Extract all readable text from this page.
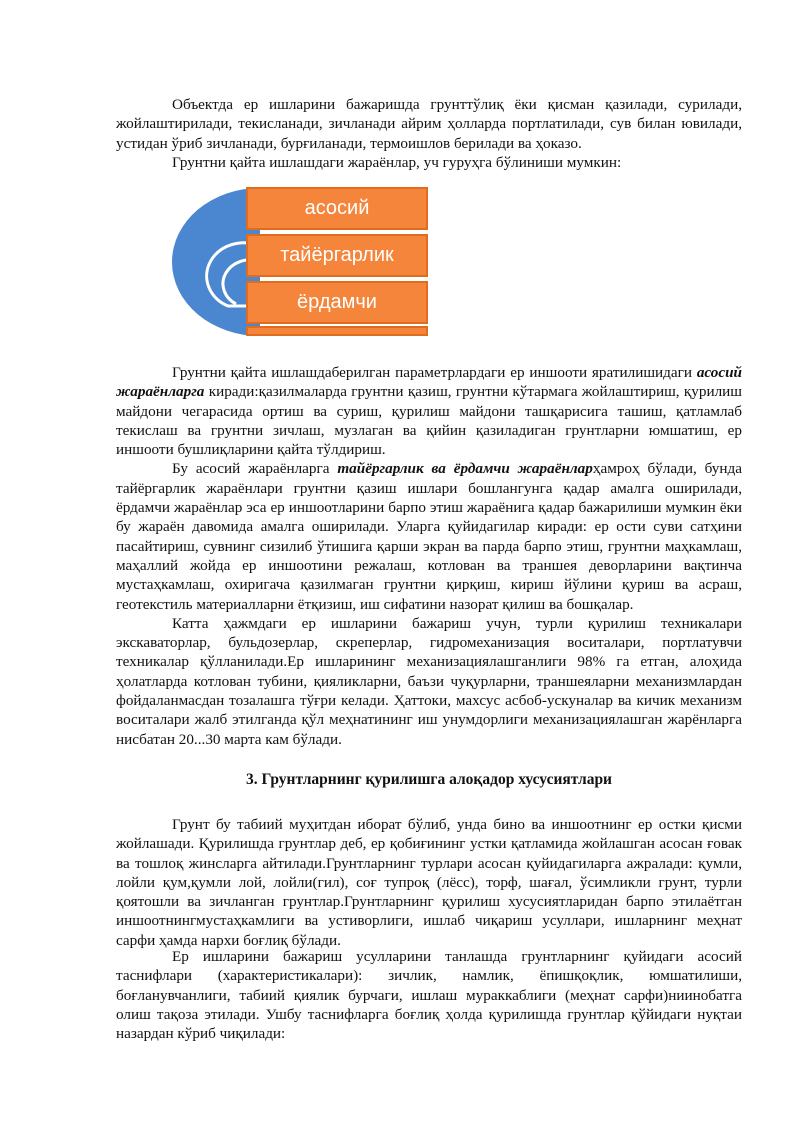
Объектда ер ишларини бажаришда грунттўлиқ ёки қисман қазилади, сурилади, жойлаштирилади, текисланади, зичланади айрим ҳолларда портлатилади, сув билан ювилади, устидан ўриб зичланади, бурғиланади, термоишлов берилади ва ҳоказо.

Грунтни қайта ишлашдаги жараёнлар, уч гуруҳга бўлиниши мумкин:

асосий
тайёргарлик
ёрдамчи

Грунтни қайта ишлашдаберилган параметрлардаги ер иншооти яратилишидаги асосий жараёнларга киради:қазилмаларда грунтни қазиш, грунтни кўтармага жойлаштириш, қурилиш майдони чегарасида ортиш ва суриш, қурилиш майдони ташқарисига ташиш, қатламлаб текислаш ва грунтни зичлаш, музлаган ва қийин қазиладиган грунтларни юмшатиш, ер иншооти бушлиқларини қайта тўлдириш.

Бу асосий жараёнларга тайёргарлик ва ёрдамчи жараёнларҳамроҳ бўлади, бунда тайёргарлик жараёнлари грунтни қазиш ишлари бошлангунга қадар амалга оширилади, ёрдамчи жараёнлар эса ер иншоотларини барпо этиш жараёнига қадар бажарилиши мумкин ёки бу жараён давомида амалга оширилади. Уларга қуйидагилар киради: ер ости суви сатҳини пасайтириш, сувнинг сизилиб ўтишига қарши экран ва парда барпо этиш, грунтни маҳкамлаш, маҳаллий жойда ер иншоотини режалаш, котлован ва траншея деворларини вақтинча мустаҳкамлаш, охиригача қазилмаган грунтни қирқиш, кириш йўлини қуриш ва асраш, геотекстиль материалларни ётқизиш, иш сифатини назорат қилиш ва бошқалар.

Катта ҳажмдаги ер ишларини бажариш учун, турли қурилиш техникалари экскаваторлар, бульдозерлар, скреперлар, гидромеханизация воситалари, портлатувчи техникалар қўлланилади.Ер ишларининг механизациялашганлиги 98% га етган, алоҳида ҳолатларда котлован тубини, қияликларни, баъзи чуқурларни, траншеяларни механизмлардан фойдаланмасдан тозалашга тўғри келади. Ҳаттоки, махсус асбоб-ускуналар ва кичик механизм воситалари жалб этилганда қўл меҳнатининг иш унумдорлиги механизациялашган жарёнларга нисбатан 20...30 марта кам бўлади.

3. Грунтларнинг қурилишга алоқадор хусусиятлари

Грунт бу табиий муҳитдан иборат бўлиб, унда бино ва иншоотнинг ер остки қисми жойлашади. Қурилишда грунтлар деб, ер қобиғининг устки қатламида жойлашган асосан ғовак ва тошлоқ жинсларга айтилади.Грунтларнинг турлари асосан қуйидагиларга ажралади: қумли, лойли қум,қумли лой, лойли(гил), соғ тупроқ (лёсс), торф, шағал, ўсимликли грунт, турли қоятошли ва зичланган грунтлар.Грунтларнинг қурилиш хусусиятларидан барпо этилаётган иншоотнингмустаҳкамлиги ва устиворлиги, ишлаб чиқариш усуллари, ишларнинг меҳнат сарфи ҳамда нархи боғлиқ бўлади.

Ер ишларини бажариш усулларини танлашда грунтларнинг қуйидаги асосий таснифлари (характеристикалари): зичлик, намлик, ёпишқоқлик, юмшатилиши, боғланувчанлиги, табиий қиялик бурчаги, ишлаш мураккаблиги (меҳнат сарфи)ниинобатга олиш тақоза этилади. Ушбу таснифларга боғлиқ ҳолда қурилишда грунтлар қўйидаги нуқтаи назардан кўриб чиқилади:
